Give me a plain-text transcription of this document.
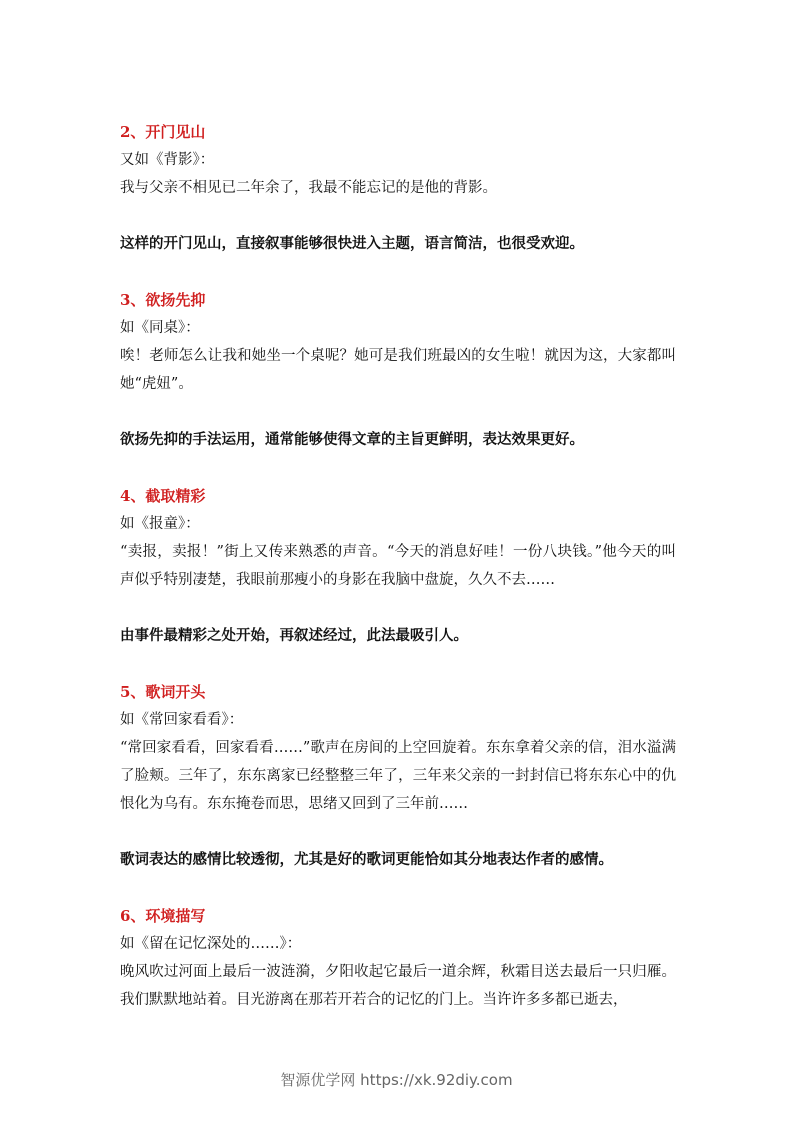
2、开门见山
又如《背影》：
我与父亲不相见已二年余了，我最不能忘记的是他的背影。
这样的开门见山，直接叙事能够很快进入主题，语言简洁，也很受欢迎。
3、欲扬先抑
如《同桌》：
唉！老师怎么让我和她坐一个桌呢？她可是我们班最凶的女生啦！就因为这，大家都叫她“虎妞”。
欲扬先抑的手法运用，通常能够使得文章的主旨更鲜明，表达效果更好。
4、截取精彩
如《报童》：
“卖报，卖报！”街上又传来熟悉的声音。“今天的消息好哇！一份八块钱。”他今天的叫声似乎特别凄楚，我眼前那瘦小的身影在我脑中盘旋，久久不去……
由事件最精彩之处开始，再叙述经过，此法最吸引人。
5、歌词开头
如《常回家看看》：
“常回家看看，回家看看……”歌声在房间的上空回旋着。东东拿着父亲的信，泪水溢满了脸颊。三年了，东东离家已经整整三年了，三年来父亲的一封封信已将东东心中的仇恨化为乌有。东东掩卷而思，思绪又回到了三年前……
歌词表达的感情比较透彻，尤其是好的歌词更能恰如其分地表达作者的感情。
6、环境描写
如《留在记忆深处的……》：
晚风吹过河面上最后一波涟漪，夕阳收起它最后一道余辉，秋霜目送去最后一只归雁。我们默默地站着。目光游离在那若开若合的记忆的门上。当许许多多都已逝去，
智源优学网 https://xk.92diy.com
